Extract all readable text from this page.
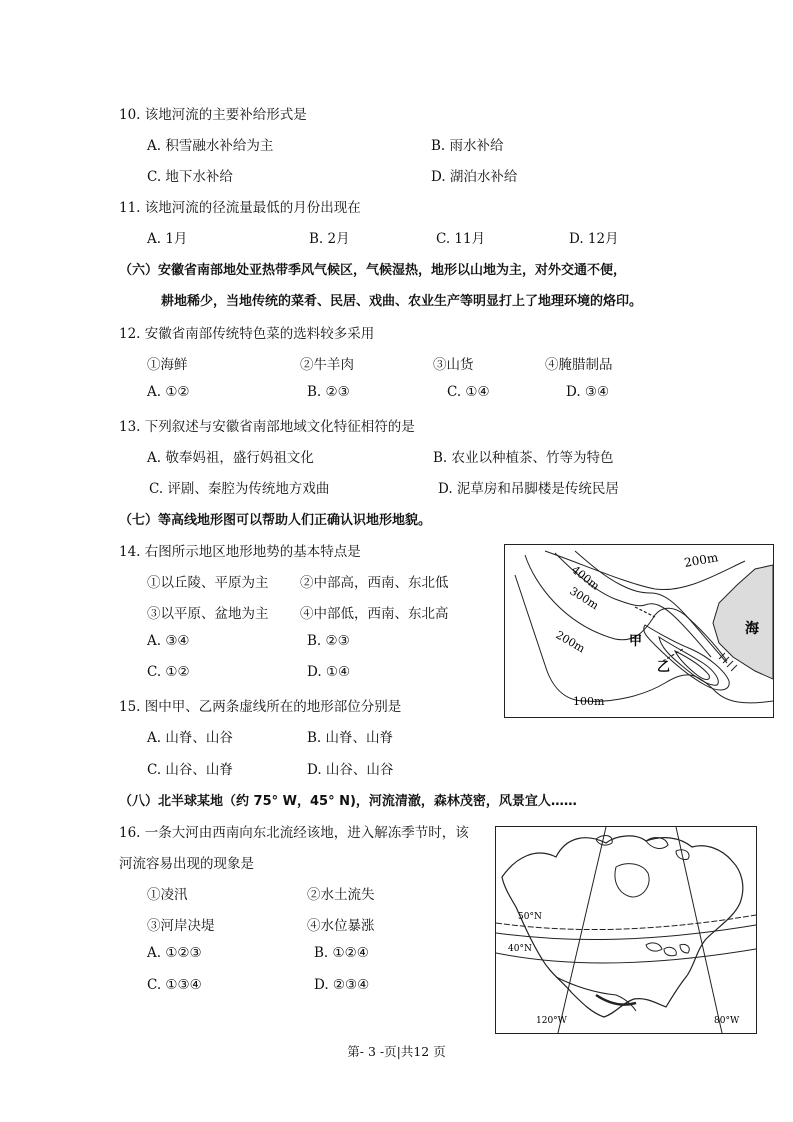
10. 该地河流的主要补给形式是
A. 积雪融水补给为主	B. 雨水补给
C. 地下水补给	D. 湖泊水补给
11. 该地河流的径流量最低的月份出现在
A. 1月	B. 2月	C. 11月	D. 12月
（六）安徽省南部地处亚热带季风气候区，气候湿热，地形以山地为主，对外交通不便，
耕地稀少，当地传统的菜肴、民居、戏曲、农业生产等明显打上了地理环境的烙印。
12. 安徽省南部传统特色菜的选料较多采用
①海鲜	②牛羊肉	③山货	④腌腊制品
A. ①②	B. ②③	C. ①④	D. ③④
13. 下列叙述与安徽省南部地域文化特征相符的是
A. 敬奉妈祖，盛行妈祖文化	B. 农业以种植茶、竹等为特色
C. 评剧、秦腔为传统地方戏曲	D. 泥草房和吊脚楼是传统民居
（七）等高线地形图可以帮助人们正确认识地形地貌。
14. 右图所示地区地形地势的基本特点是
①以丘陵、平原为主 ②中部高，西南、东北低
③以平原、盆地为主 ④中部低，西南、东北高
A. ③④	B. ②③
C. ①②	D. ①④
15. 图中甲、乙两条虚线所在的地形部位分别是
A. 山脊、山谷	B. 山脊、山脊
C. 山谷、山脊	D. 山谷、山谷
（八）北半球某地（约 75° W，45° N)，河流清澈，森林茂密，风景宜人……
16. 一条大河由西南向东北流经该地，进入解冻季节时，该
河流容易出现的现象是
①凌汛	②水土流失
③河岸决堤	④水位暴涨
A. ①②③	B. ①②④
C. ①③④	D. ②③④
200m
400m
300m
200m
100m
甲
乙
海
50°N
40°N
120°W	80°W
第- 3 -页|共12 页
